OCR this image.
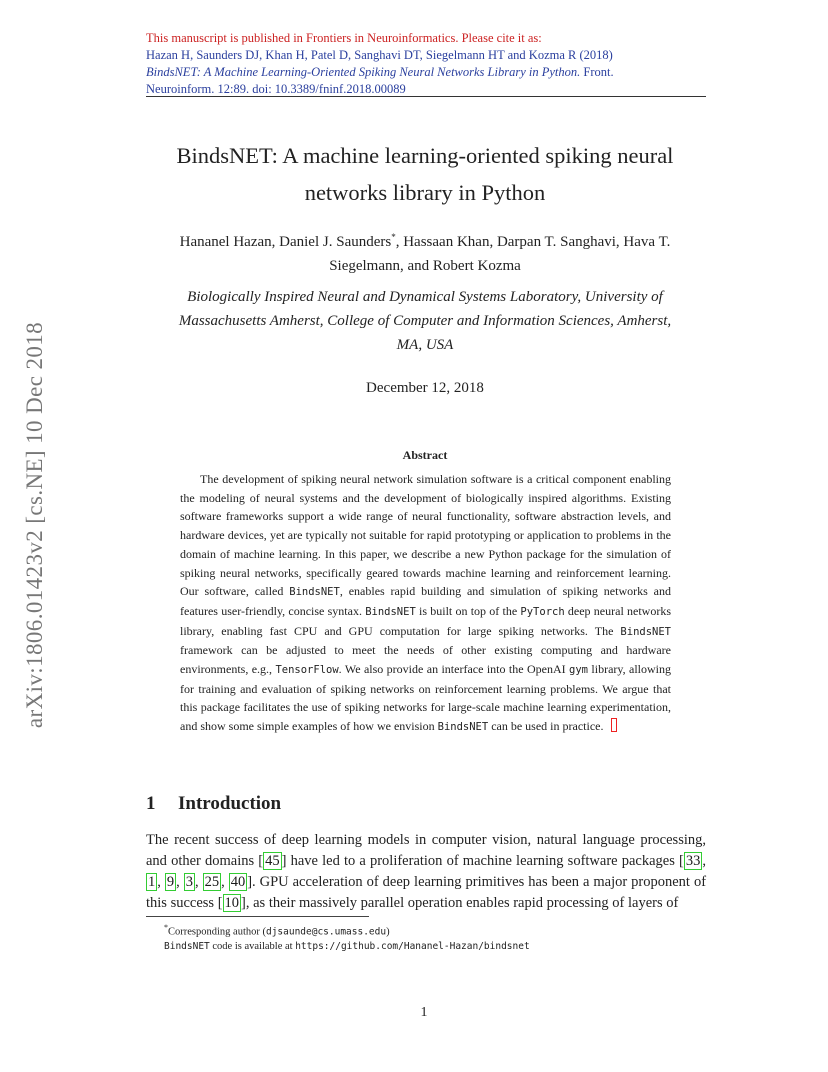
This manuscript is published in Frontiers in Neuroinformatics. Please cite it as:
Hazan H, Saunders DJ, Khan H, Patel D, Sanghavi DT, Siegelmann HT and Kozma R (2018)
BindsNET: A Machine Learning-Oriented Spiking Neural Networks Library in Python. Front.
Neuroinform. 12:89. doi: 10.3389/fninf.2018.00089
arXiv:1806.01423v2 [cs.NE] 10 Dec 2018
BindsNET: A machine learning-oriented spiking neural
networks library in Python
Hananel Hazan, Daniel J. Saunders*, Hassaan Khan, Darpan T. Sanghavi, Hava T.
Siegelmann, and Robert Kozma
Biologically Inspired Neural and Dynamical Systems Laboratory, University of
Massachusetts Amherst, College of Computer and Information Sciences, Amherst,
MA, USA
December 12, 2018
Abstract
The development of spiking neural network simulation software is a critical component enabling the modeling of neural systems and the development of biologically inspired algorithms. Existing software frameworks support a wide range of neural functionality, software abstraction levels, and hardware devices, yet are typically not suitable for rapid prototyping or application to problems in the domain of machine learning. In this paper, we describe a new Python package for the simulation of spiking neural networks, specifically geared towards machine learning and reinforcement learning. Our software, called BindsNET, enables rapid building and simulation of spiking networks and features user-friendly, concise syntax. BindsNET is built on top of the PyTorch deep neural networks library, enabling fast CPU and GPU computation for large spiking networks. The BindsNET framework can be adjusted to meet the needs of other existing computing and hardware environments, e.g., TensorFlow. We also provide an interface into the OpenAI gym library, allowing for training and evaluation of spiking networks on reinforcement learning problems. We argue that this package facilitates the use of spiking networks for large-scale machine learning experimentation, and show some simple examples of how we envision BindsNET can be used in practice.
1 Introduction
The recent success of deep learning models in computer vision, natural language processing, and other domains [ 45 ] have led to a proliferation of machine learning software packages [ 33 , 1 , 9 , 3 , 25 , 40 ]. GPU acceleration of deep learning primitives has been a major proponent of this success [ 10 ], as their massively parallel operation enables rapid processing of layers of
*Corresponding author (djsaunde@cs.umass.edu)
BindsNET code is available at https://github.com/Hananel-Hazan/bindsnet
1
